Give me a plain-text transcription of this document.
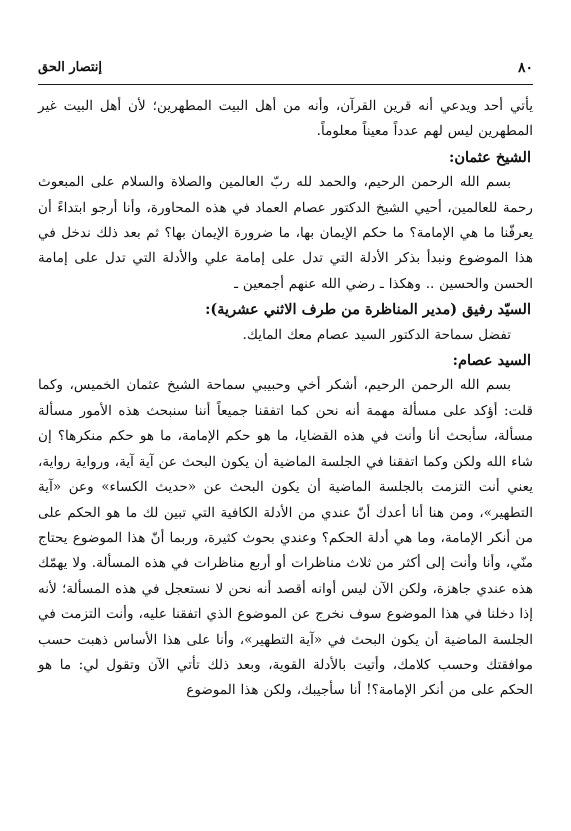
٨٠
إنتصار الحق

يأتي أحد ويدعي أنه قرين القرآن، وأنه من أهل البيت المطهرين؛ لأن أهل البيت غير المطهرين ليس لهم عدداً معيناً معلوماً.

الشيخ عثمان:

بسم الله الرحمن الرحيم، والحمد لله ربّ العالمين والصلاة والسلام على المبعوث رحمة للعالمين، أحيي الشيخ الدكتور عصام العماد في هذه المحاورة، وأنا أرجو ابتداءً أن يعرفّنا ما هي الإمامة؟ ما حكم الإيمان بها، ما ضرورة الإيمان بها؟ ثم بعد ذلك ندخل في هذا الموضوع ونبدأ بذكر الأدلة التي تدل على إمامة علي والأدلة التي تدل على إمامة الحسن والحسين .. وهكذا ـ رضي الله عنهم أجمعين ـ

السيّد رفيق (مدير المناظرة من طرف الاثني عشرية):

تفضل سماحة الدكتور السيد عصام معك المايك.

السيد عصام:

بسم الله الرحمن الرحيم، أشكر أخي وحبيبي سماحة الشيخ عثمان الخميس، وكما قلت: أؤكد على مسألة مهمة أنه نحن كما اتفقنا جميعاً أننا سنبحث هذه الأمور مسألة مسألة، سأبحث أنا وأنت في هذه القضايا، ما هو حكم الإمامة، ما هو حكم منكرها؟ إن شاء الله ولكن وكما اتفقنا في الجلسة الماضية أن يكون البحث عن آية آية، ورواية رواية، يعني أنت التزمت بالجلسة الماضية أن يكون البحث عن «حديث الكساء» وعن «آية التطهير»، ومن هنا أنا أعدك أنّ عندي من الأدلة الكافية التي تبين لك ما هو الحكم على من أنكر الإمامة، وما هي أدلة الحكم؟ وعندي بحوث كثيرة، وربما أنّ هذا الموضوع يحتاج منّي، وأنا وأنت إلى أكثر من ثلاث مناظرات أو أربع مناظرات في هذه المسألة. ولا يهمّك هذه عندي جاهزة، ولكن الآن ليس أوانه أقصد أنه نحن لا نستعجل في هذه المسألة؛ لأنه إذا دخلنا في هذا الموضوع سوف نخرج عن الموضوع الذي اتفقنا عليه، وأنت التزمت في الجلسة الماضية أن يكون البحث في «آية التطهير»، وأنا على هذا الأساس ذهبت حسب موافقتك وحسب كلامك، وأتيت بالأدلة القوية، وبعد ذلك تأتي الآن وتقول لي: ما هو الحكم على من أنكر الإمامة؟! أنا سأجيبك، ولكن هذا الموضوع
